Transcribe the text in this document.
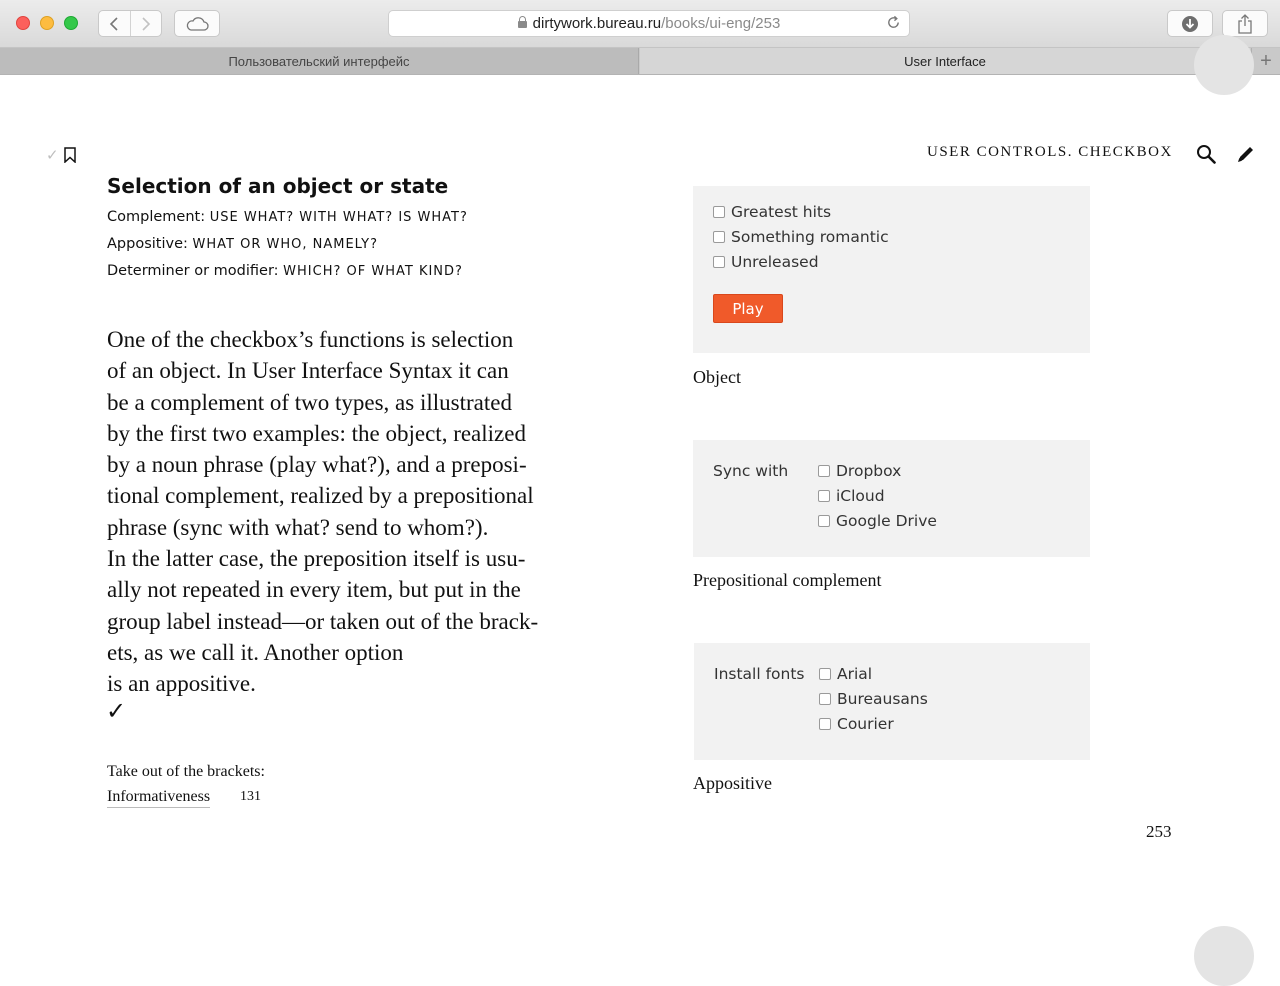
dirtywork.bureau.ru /books/ui-eng/253
Пользовательский интерфейс	User Interface	+
✓	USER CONTROLS. CHECKBOX
Selection of an object or state
Complement: USE WHAT? WITH WHAT? IS WHAT?
Appositive: WHAT OR WHO, NAMELY?
Determiner or modifier: WHICH? OF WHAT KIND?

One of the checkbox’s functions is selection

of an object. In User Interface Syntax it can

be a complement of two types, as illustrated

by the first two examples: the object, realized

by a noun phrase (play what?), and a preposi-

tional complement, realized by a prepositional

phrase (sync with what? send to whom?).

In the latter case, the preposition itself is usu-

ally not repeated in every item, but put in the

group label instead—or taken out of the brack-

ets, as we call it. Another option

is an appositive.

✓
Take out of the brackets:
Informativeness 131
Greatest hits
Something romantic
Unreleased
Play
Object
Sync with	Dropbox
iCloud
Google Drive
Prepositional complement
Install fonts Arial
Bureausans
Courier
Appositive
253
